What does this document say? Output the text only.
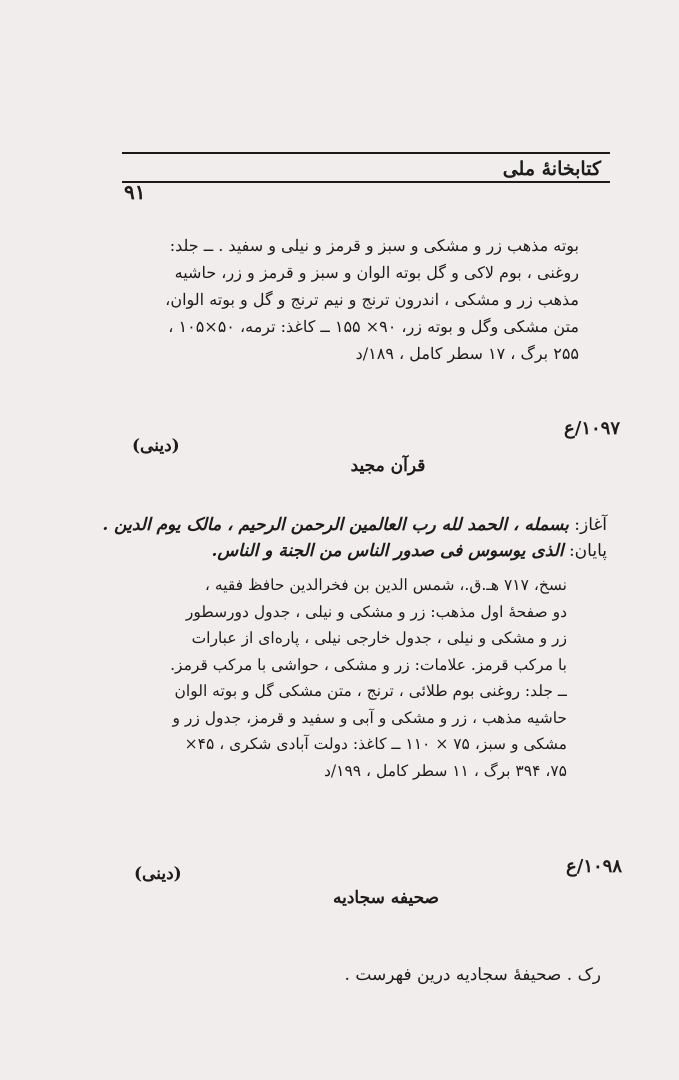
کتابخانهٔ ملی
۹۱
بوته مذهب زر و مشکی و سبز و قرمز و نیلی و سفید . ــ جلد:
روغنی ، بوم لاکی و گل بوته الوان و سبز و قرمز و زر، حاشیه
مذهب زر و مشکی ، اندرون ترنج و نیم ترنج و گل و بوته الوان،
متن مشکی وگل و بوته زر، ۹۰× ۱۵۵ ــ کاغذ: ترمه، ۵۰×۱۰۵ ،
۲۵۵ برگ ، ۱۷ سطر کامل ، ۱۸۹/د
۱۰۹۷/ع
(دینی)
قرآن مجید
آغاز: بسمله ، الحمد لله رب العالمین الرحمن الرحیم ، مالک یوم الدین .
پایان: الذی یوسوس فی صدور الناس من الجنة و الناس.
نسخ، ۷۱۷ هـ.ق.، شمس الدین بن فخرالدین حافظ فقیه ،
دو صفحهٔ اول مذهب: زر و مشکی و نیلی ، جدول دورسطور
زر و مشکی و نیلی ، جدول خارجی نیلی ، پاره‌ای از عبارات
با مرکب قرمز. علامات: زر و مشکی ، حواشی با مرکب قرمز.
ــ جلد: روغنی بوم طلائی ، ترنج ، متن مشکی گل و بوته الوان
حاشیه مذهب ، زر و مشکی و آبی و سفید و قرمز، جدول زر و
مشکی و سبز، ۷۵ × ۱۱۰ ــ کاغذ: دولت آبادی شکری ، ۴۵×
۷۵، ۳۹۴ برگ ، ۱۱ سطر کامل ، ۱۹۹/د
۱۰۹۸/ع
(دینی)
صحیفه سجادیه
رک . صحیفهٔ سجادیه درین فهرست .
